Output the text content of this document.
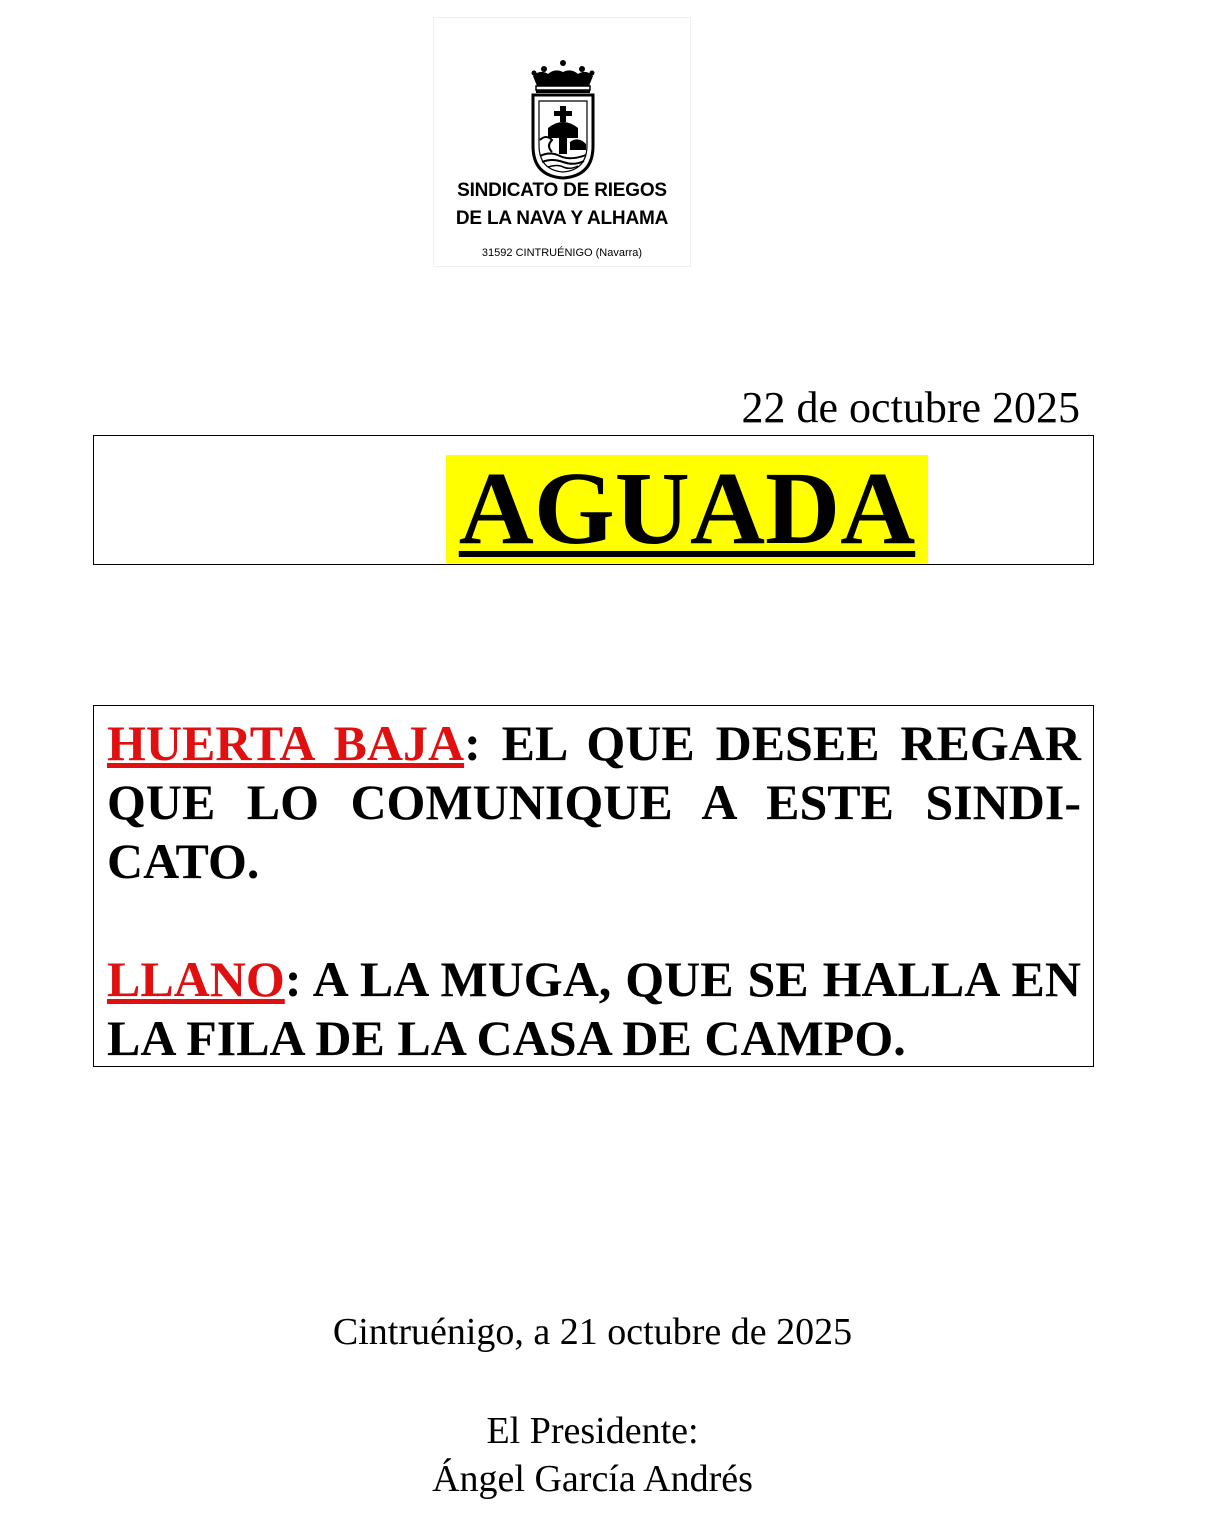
SINDICATO DE RIEGOS
DE LA NAVA Y ALHAMA
31592 CINTRUÉNIGO (Navarra)
22 de octubre 2025
AGUADA

HUERTA BAJA: EL QUE DESEE REGAR QUE LO COMUNIQUE A ESTE SINDI-CATO.

LLANO: A LA MUGA, QUE SE HALLA EN LA FILA DE LA CASA DE CAMPO.

Cintruénigo, a 21 octubre de 2025
El Presidente:
Ángel García Andrés
